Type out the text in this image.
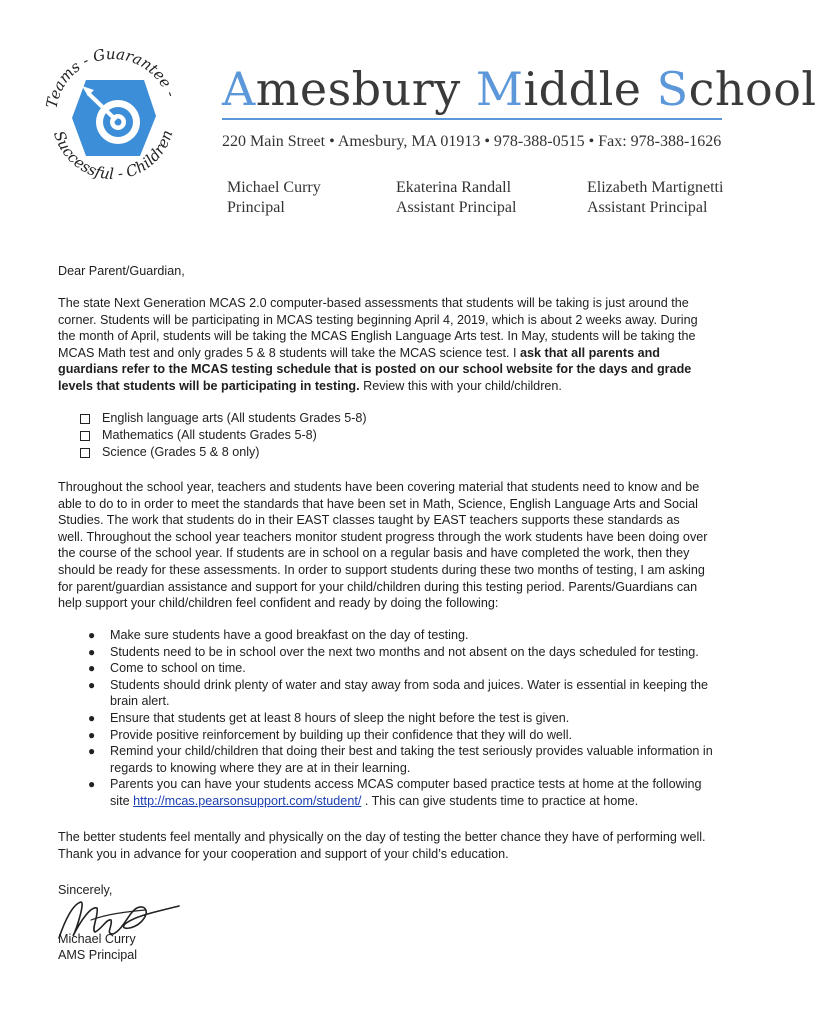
Teams - Guarantee -
Successful - Children
Amesbury Middle School
220 Main Street • Amesbury, MA 01913 • 978-388-0515 • Fax: 978-388-1626
Michael Curry
Principal
Ekaterina Randall
Assistant Principal
Elizabeth Martignetti
Assistant Principal
Dear Parent/Guardian,
The state Next Generation MCAS 2.0 computer-based assessments that students will be taking is just around the corner. Students will be participating in MCAS testing beginning April 4, 2019, which is about 2 weeks away. During the month of April, students will be taking the MCAS English Language Arts test. In May, students will be taking the MCAS Math test and only grades 5 & 8 students will take the MCAS science test. I ask that all parents and guardians refer to the MCAS testing schedule that is posted on our school website for the days and grade levels that students will be participating in testing. Review this with your child/children.
English language arts (All students Grades 5-8)
Mathematics (All students Grades 5-8)
Science (Grades 5 & 8 only)
Throughout the school year, teachers and students have been covering material that students need to know and be able to do to in order to meet the standards that have been set in Math, Science, English Language Arts and Social Studies. The work that students do in their EAST classes taught by EAST teachers supports these standards as well. Throughout the school year teachers monitor student progress through the work students have been doing over the course of the school year. If students are in school on a regular basis and have completed the work, then they should be ready for these assessments. In order to support students during these two months of testing, I am asking for parent/guardian assistance and support for your child/children during this testing period. Parents/Guardians can help support your child/children feel confident and ready by doing the following:
●	Make sure students have a good breakfast on the day of testing.
●	Students need to be in school over the next two months and not absent on the days scheduled for testing.
●	Come to school on time.
●	Students should drink plenty of water and stay away from soda and juices. Water is essential in keeping the brain alert.
●	Ensure that students get at least 8 hours of sleep the night before the test is given.
●	Provide positive reinforcement by building up their confidence that they will do well.
●	Remind your child/children that doing their best and taking the test seriously provides valuable information in regards to knowing where they are at in their learning.
●	Parents you can have your students access MCAS computer based practice tests at home at the following site http://mcas.pearsonsupport.com/student/ . This can give students time to practice at home.
The better students feel mentally and physically on the day of testing the better chance they have of performing well. Thank you in advance for your cooperation and support of your child’s education.
Sincerely,
Michael Curry
AMS Principal
